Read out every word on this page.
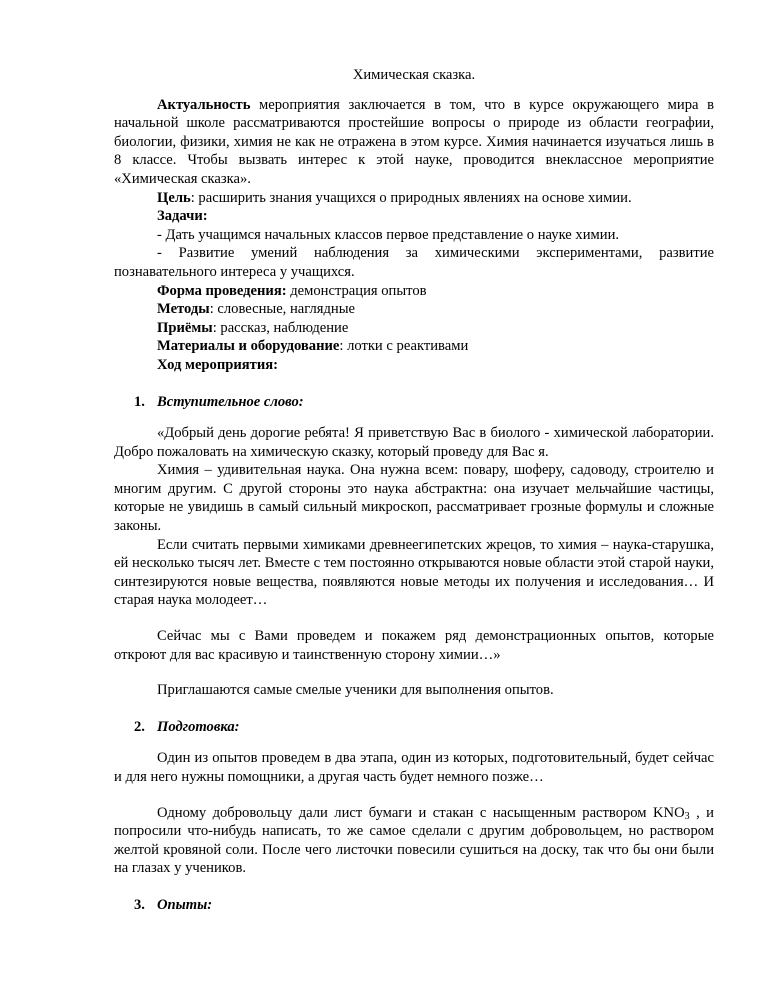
Химическая сказка.

Актуальность мероприятия заключается в том, что в курсе окружающего мира в начальной школе рассматриваются простейшие вопросы о природе из области географии, биологии, физики, химия не как не отражена в этом курсе. Химия начинается изучаться лишь в 8 классе. Чтобы вызвать интерес к этой науке, проводится внеклассное мероприятие «Химическая сказка».

Цель: расширить знания учащихся о природных явлениях на основе химии.

Задачи:

- Дать учащимся начальных классов первое представление о науке химии.

- Развитие умений наблюдения за химическими экспериментами, развитие познавательного интереса у учащихся.

Форма проведения: демонстрация опытов

Методы: словесные, наглядные

Приёмы: рассказ, наблюдение

Материалы и оборудование: лотки с реактивами

Ход мероприятия:

1. Вступительное слово:

«Добрый день дорогие ребята! Я приветствую Вас в биолого - химической лаборатории. Добро пожаловать на химическую сказку, который проведу для Вас я.

Химия – удивительная наука. Она нужна всем: повару, шоферу, садоводу, строителю и многим другим. С другой стороны это наука абстрактна: она изучает мельчайшие частицы, которые не увидишь в самый сильный микроскоп, рассматривает грозные формулы и сложные законы.

Если считать первыми химиками древнеегипетских жрецов, то химия – наука-старушка, ей несколько тысяч лет. Вместе с тем постоянно открываются новые области этой старой науки, синтезируются новые вещества, появляются новые методы их получения и исследования… И старая наука молодеет…

Сейчас мы с Вами проведем и покажем ряд демонстрационных опытов, которые откроют для вас красивую и таинственную сторону химии…»

Приглашаются самые смелые ученики для выполнения опытов.

2. Подготовка:

Один из опытов проведем в два этапа, один из которых, подготовительный, будет сейчас и для него нужны помощники, а другая часть будет немного позже…

Одному добровольцу дали лист бумаги и стакан с насыщенным раствором $KNO_3$ , и попросили что-нибудь написать, то же самое сделали с другим добровольцем, но раствором желтой кровяной соли. После чего листочки повесили сушиться на доску, так что бы они были на глазах у учеников.

3. Опыты:
